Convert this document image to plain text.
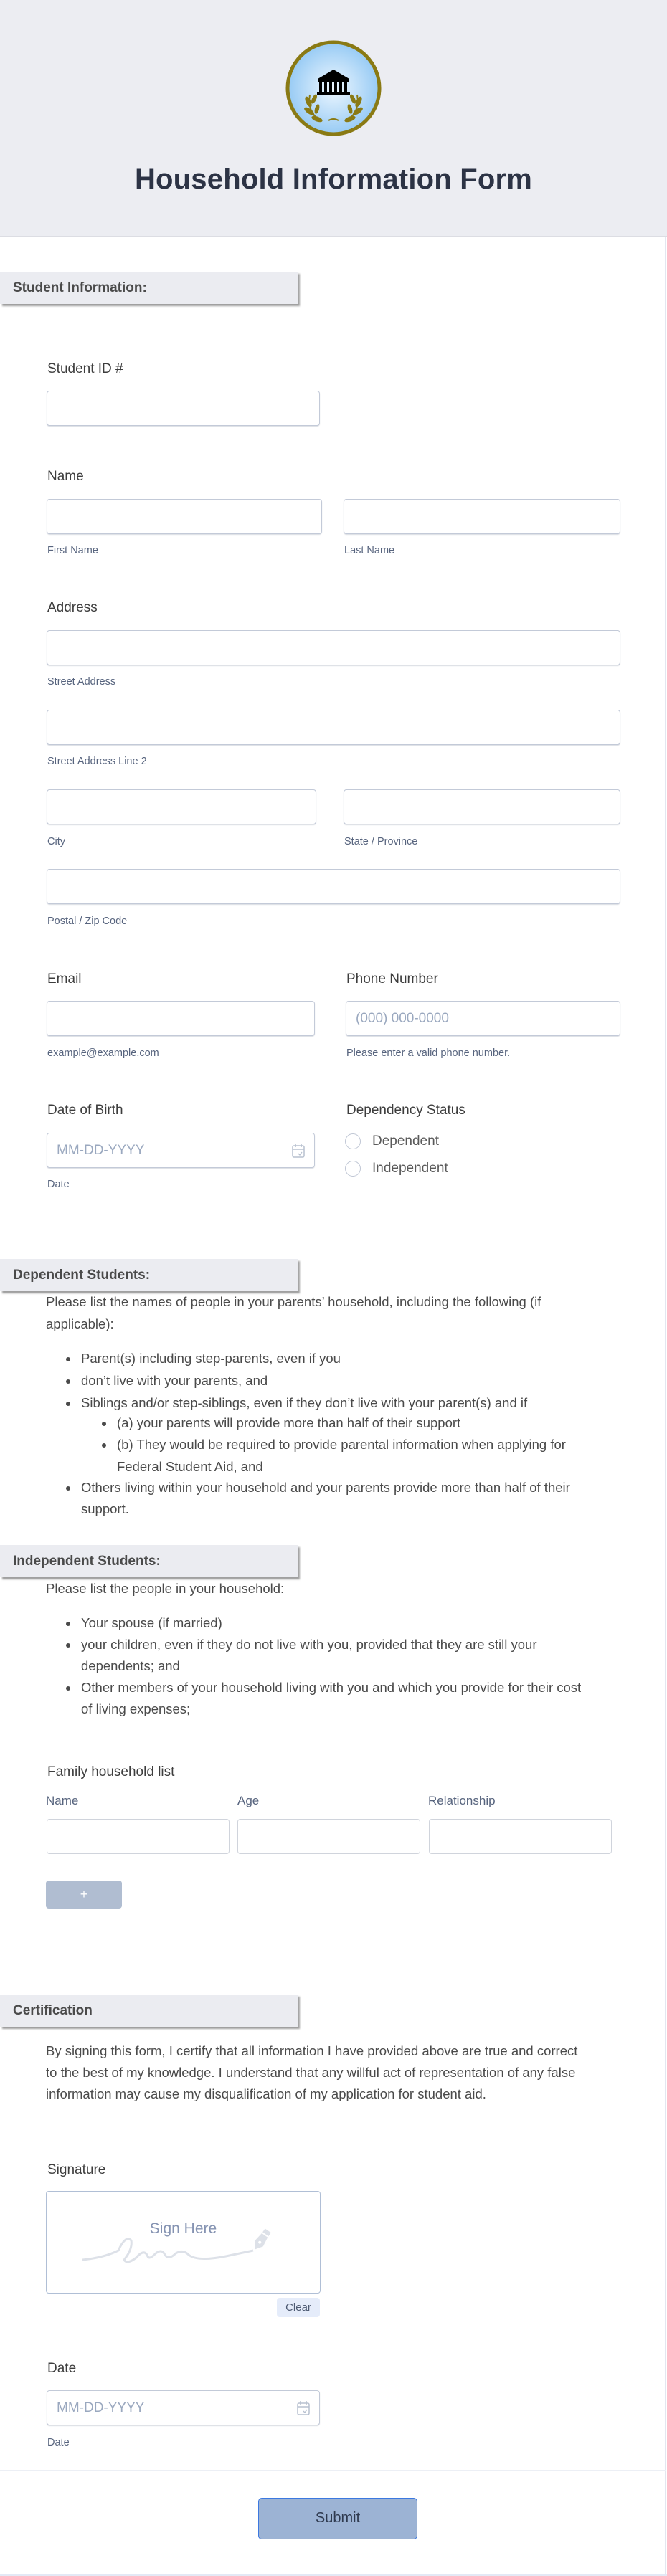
Household Information Form
Student Information:
Student ID #
Name
First Name	Last Name
Address
Street Address
Street Address Line 2
City	State / Province
Postal / Zip Code
Email	Phone Number
(000) 000-0000
example@example.com	Please enter a valid phone number.
Date of Birth	Dependency Status
MM-DD-YYYY
Date
Dependent
Independent
Dependent Students:
Please list the names of people in your parents’ household, including the following (if
applicable):
Parent(s) including step-parents, even if you
don’t live with your parents, and
Siblings and/or step-siblings, even if they don’t live with your parent(s) and if
(a) your parents will provide more than half of their support
(b) They would be required to provide parental information when applying for
Federal Student Aid, and
Others living within your household and your parents provide more than half of their
support.
Independent Students:
Please list the people in your household:
Your spouse (if married)
your children, even if they do not live with you, provided that they are still your
dependents; and
Other members of your household living with you and which you provide for their cost
of living expenses;
Family household list
Name	Age	Relationship
+
Certification
By signing this form, I certify that all information I have provided above are true and correct
to the best of my knowledge. I understand that any willful act of representation of any false
information may cause my disqualification of my application for student aid.
Signature
Sign Here
Clear
Date
MM-DD-YYYY
Date
Submit
